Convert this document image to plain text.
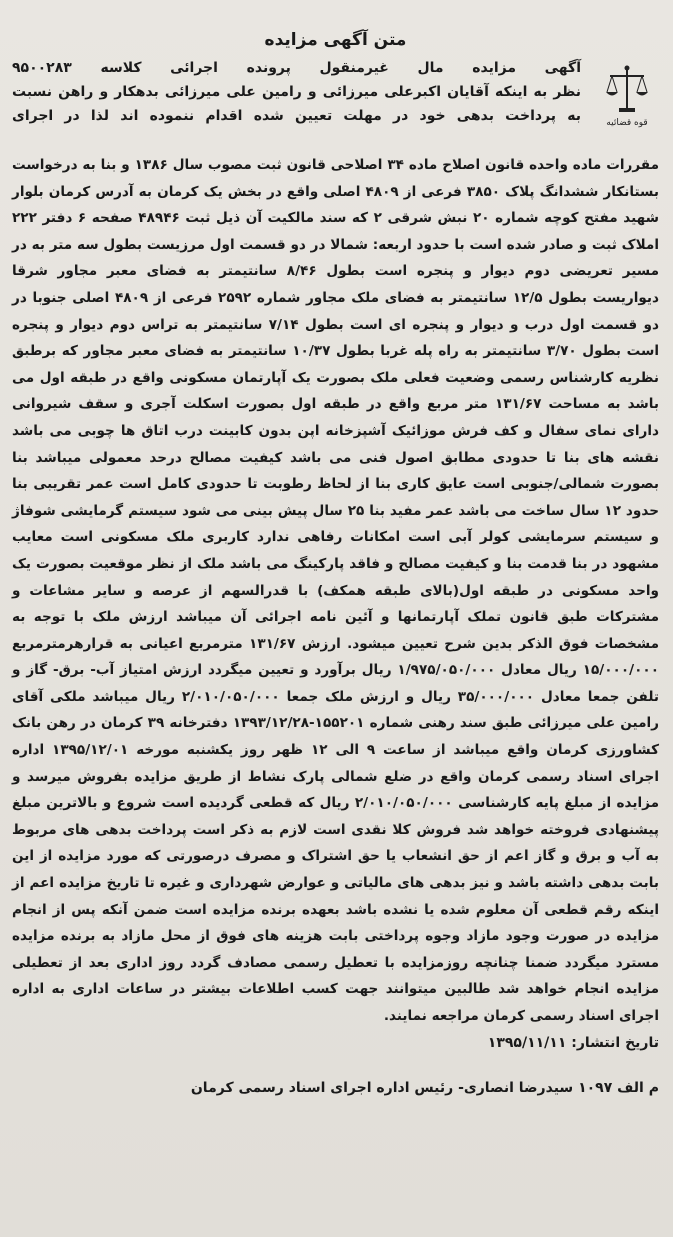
قوه قضائیه
متن آگهی مزایده
آگهی مزایده مال غیرمنقول پرونده اجرائی کلاسه ۹۵۰۰۲۸۳
نظر به اینکه آقایان اکبرعلی میرزائی و رامین علی میرزائی بدهکار و راهن نسبت
به پرداخت بدهی خود در مهلت تعیین شده اقدام ننموده اند لذا در اجرای
مقررات ماده واحده قانون اصلاح ماده ۳۴ اصلاحی قانون ثبت مصوب سال ۱۳۸۶ و بنا به درخواست بستانکار ششدانگ پلاک ۳۸۵۰ فرعی از ۴۸۰۹ اصلی واقع در بخش یک کرمان به آدرس کرمان بلوار شهید مفتح کوچه شماره ۲۰ نبش شرقی ۲ که سند مالکیت آن ذیل ثبت ۴۸۹۴۶ صفحه ۶ دفتر ۲۲۲ املاک ثبت و صادر شده است با حدود اربعه: شمالا در دو قسمت اول مرزیست بطول سه متر به در مسیر تعریضی دوم دیوار و پنجره است بطول ۸/۴۶ سانتیمتر به فضای معبر مجاور شرقا دیواریست بطول ۱۲/۵ سانتیمتر به فضای ملک مجاور شماره ۲۵۹۲ فرعی از ۴۸۰۹ اصلی جنوبا در دو قسمت اول درب و دیوار و پنجره ای است بطول ۷/۱۴ سانتیمتر به تراس دوم دیوار و پنجره است بطول ۳/۷۰ سانتیمتر به راه پله غربا بطول ۱۰/۳۷ سانتیمتر به فضای معبر مجاور که برطبق نظریه کارشناس رسمی وضعیت فعلی ملک بصورت یک آپارتمان مسکونی واقع در طبقه اول می باشد به مساحت ۱۳۱/۶۷ متر مربع واقع در طبقه اول بصورت اسکلت آجری و سقف شیروانی دارای نمای سفال و کف فرش موزائیک آشپزخانه اپن بدون کابینت درب اتاق ها چوبی می باشد نقشه های بنا تا حدودی مطابق اصول فنی می باشد کیفیت مصالح درحد معمولی میباشد بنا بصورت شمالی/جنوبی است عایق کاری بنا از لحاظ رطوبت تا حدودی کامل است عمر تقریبی بنا حدود ۱۲ سال ساخت می باشد عمر مفید بنا ۲۵ سال پیش بینی می شود سیستم گرمایشی شوفاژ و سیستم سرمایشی کولر آبی است امکانات رفاهی ندارد کاربری ملک مسکونی است معایب مشهود در بنا قدمت بنا و کیفیت مصالح و فاقد پارکینگ می باشد ملک از نظر موقعیت بصورت یک واحد مسکونی در طبقه اول(بالای طبقه همکف) با قدرالسهم از عرصه و سایر مشاعات و مشترکات طبق قانون تملک آپارتمانها و آئین نامه اجرائی آن میباشد ارزش ملک با توجه به مشخصات فوق الذکر بدین شرح تعیین میشود. ارزش ۱۳۱/۶۷ مترمربع اعیانی به قرارهرمترمربع ۱۵/۰۰۰/۰۰۰ ریال معادل ۱/۹۷۵/۰۵۰/۰۰۰ ریال برآورد و تعیین میگردد ارزش امتیاز آب- برق- گاز و تلفن جمعا معادل ۳۵/۰۰۰/۰۰۰ ریال و ارزش ملک جمعا ۲/۰۱۰/۰۵۰/۰۰۰ ریال میباشد ملکی آقای رامین علی میرزائی طبق سند رهنی شماره ۱۵۵۲۰۱-۱۳۹۳/۱۲/۲۸ دفترخانه ۳۹ کرمان در رهن بانک کشاورزی کرمان واقع میباشد از ساعت ۹ الی ۱۲ ظهر روز یکشنبه مورخه ۱۳۹۵/۱۲/۰۱ اداره اجرای اسناد رسمی کرمان واقع در ضلع شمالی پارک نشاط از طریق مزایده بفروش میرسد و مزایده از مبلغ پایه کارشناسی ۲/۰۱۰/۰۵۰/۰۰۰ ریال که قطعی گردیده است شروع و بالاترین مبلغ پیشنهادی فروخته خواهد شد فروش کلا نقدی است لازم به ذکر است پرداخت بدهی های مربوط به آب و برق و گاز اعم از حق انشعاب یا حق اشتراک و مصرف درصورتی که مورد مزایده از این بابت بدهی داشته باشد و نیز بدهی های مالیاتی و عوارض شهرداری و غیره تا تاریخ مزایده اعم از اینکه رقم قطعی آن معلوم شده یا نشده باشد بعهده برنده مزایده است ضمن آنکه پس از انجام مزایده در صورت وجود مازاد وجوه پرداختی بابت هزینه های فوق از محل مازاد به برنده مزایده مسترد میگردد ضمنا چنانچه روزمزایده با تعطیل رسمی مصادف گردد روز اداری بعد از تعطیلی مزایده انجام خواهد شد طالبین میتوانند جهت کسب اطلاعات بیشتر در ساعات اداری به اداره اجرای اسناد رسمی کرمان مراجعه نمایند.
تاریخ انتشار: ۱۳۹۵/۱۱/۱۱
م الف ۱۰۹۷ سیدرضا انصاری- رئیس اداره اجرای اسناد رسمی کرمان
